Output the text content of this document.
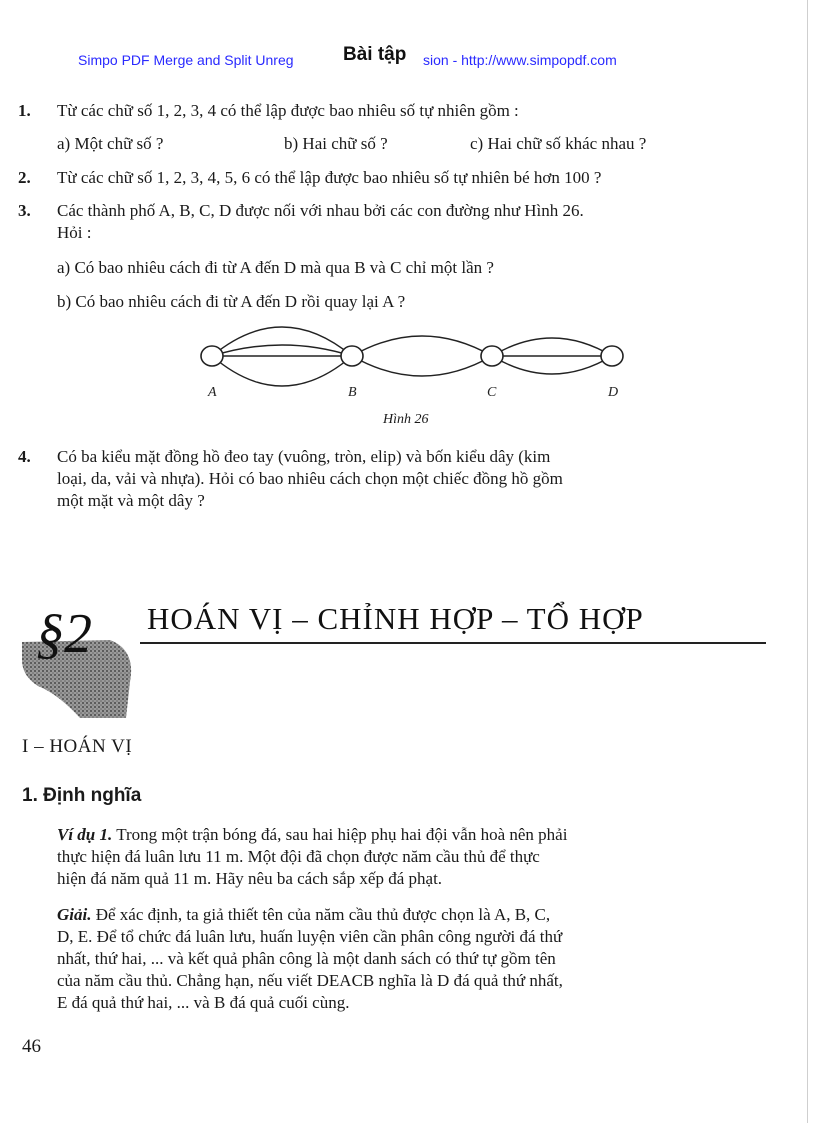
Simpo PDF Merge and Split Unreg	Bài tập sion - http://www.simpopdf.com
1. Từ các chữ số 1, 2, 3, 4 có thể lập được bao nhiêu số tự nhiên gồm :
a) Một chữ số ?	b) Hai chữ số ?	c) Hai chữ số khác nhau ?
2. Từ các chữ số 1, 2, 3, 4, 5, 6 có thể lập được bao nhiêu số tự nhiên bé hơn 100 ?
3. Các thành phố A, B, C, D được nối với nhau bởi các con đường như Hình 26.
Hỏi :
a) Có bao nhiêu cách đi từ A đến D mà qua B và C chỉ một lần ?
b) Có bao nhiêu cách đi từ A đến D rồi quay lại A ?
A	B	C	D
Hình 26
4. Có ba kiểu mặt đồng hồ đeo tay (vuông, tròn, elip) và bốn kiểu dây (kim
loại, da, vải và nhựa). Hỏi có bao nhiêu cách chọn một chiếc đồng hồ gồm
một mặt và một dây ?
§2 HOÁN VỊ – CHỈNH HỢP – TỔ HỢP
I – HOÁN VỊ
1. Định nghĩa
Ví dụ 1. Trong một trận bóng đá, sau hai hiệp phụ hai đội vẫn hoà nên phải
thực hiện đá luân lưu 11 m. Một đội đã chọn được năm cầu thủ để thực
hiện đá năm quả 11 m. Hãy nêu ba cách sắp xếp đá phạt.
Giải. Để xác định, ta giả thiết tên của năm cầu thủ được chọn là A, B, C,
D, E. Để tổ chức đá luân lưu, huấn luyện viên cần phân công người đá thứ
nhất, thứ hai, ... và kết quả phân công là một danh sách có thứ tự gồm tên
của năm cầu thủ. Chẳng hạn, nếu viết DEACB nghĩa là D đá quả thứ nhất,
E đá quả thứ hai, ... và B đá quả cuối cùng.
46
